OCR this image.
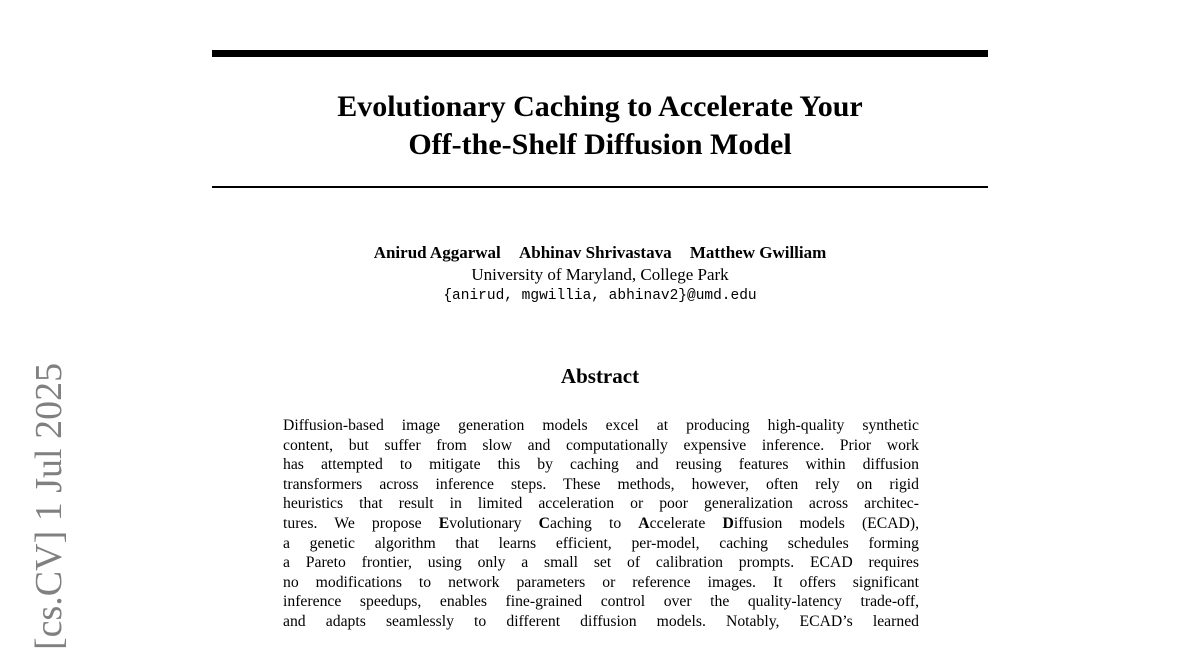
Evolutionary Caching to Accelerate Your
Off-the-Shelf Diffusion Model
Anirud Aggarwal Abhinav Shrivastava Matthew Gwilliam
University of Maryland, College Park
{anirud, mgwillia, abhinav2}@umd.edu
Abstract

Diffusion-based image generation models excel at producing high-quality synthetic
content, but suffer from slow and computationally expensive inference. Prior work
has attempted to mitigate this by caching and reusing features within diffusion
transformers across inference steps. These methods, however, often rely on rigid
heuristics that result in limited acceleration or poor generalization across architec-
tures. We propose Evolutionary Caching to Accelerate Diffusion models (ECAD),
a genetic algorithm that learns efficient, per-model, caching schedules forming
a Pareto frontier, using only a small set of calibration prompts. ECAD requires
no modifications to network parameters or reference images. It offers significant
inference speedups, enables fine-grained control over the quality-latency trade-off,
and adapts seamlessly to different diffusion models. Notably, ECAD’s learned

[cs.CV] 1 Jul 2025
